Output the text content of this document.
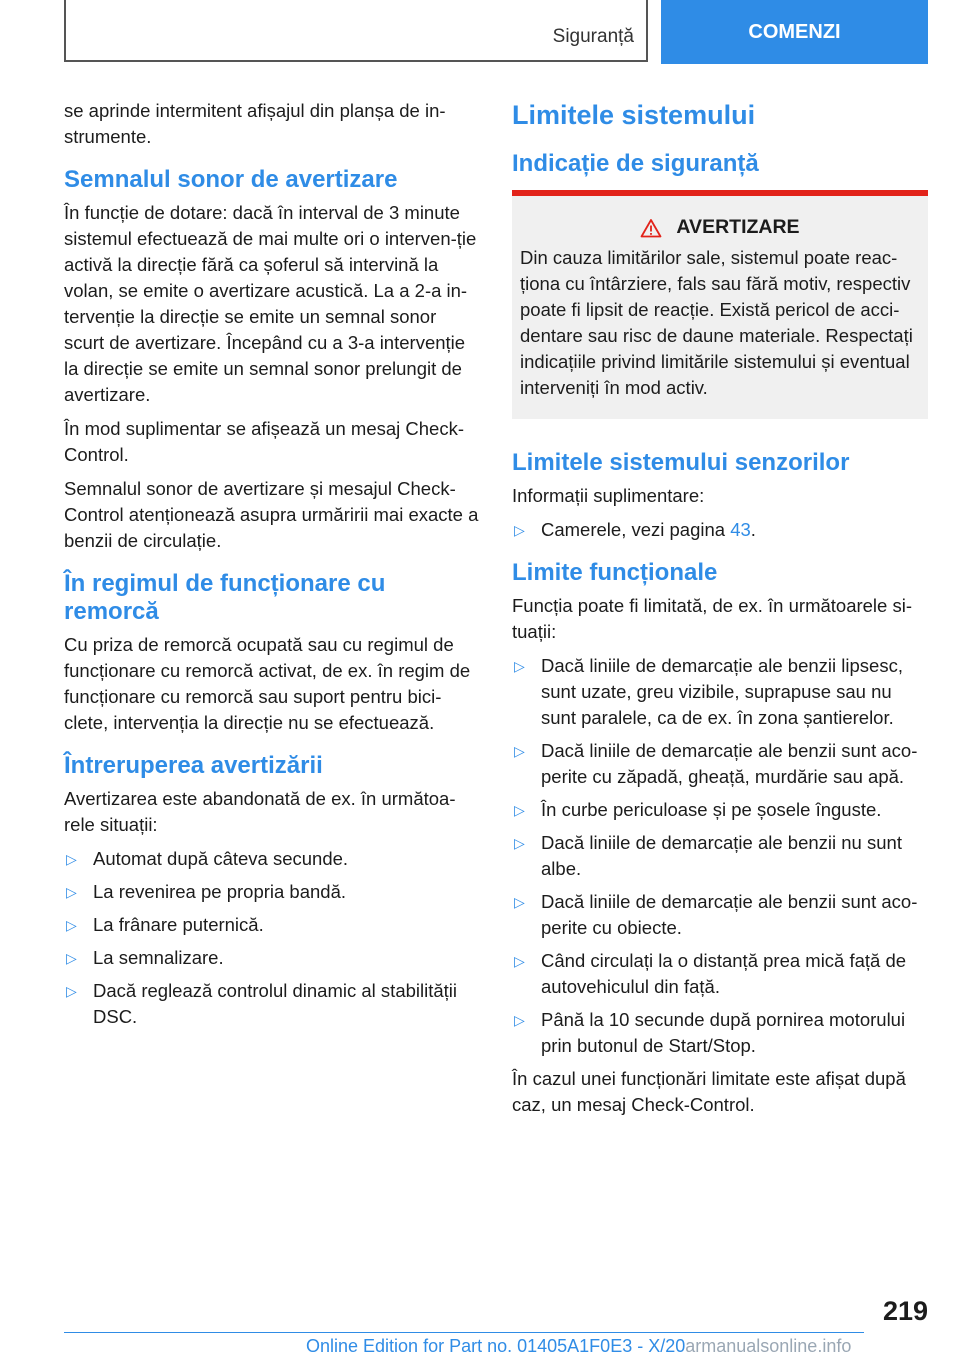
Siguranță	COMENZI

se aprinde intermitent afișajul din planșa de in-strumente.

Semnalul sonor de avertizare

În funcție de dotare: dacă în interval de 3 minute sistemul efectuează de mai multe ori o interven-ție activă la direcție fără ca șoferul să intervină la volan, se emite o avertizare acustică. La a 2-a in-tervenție la direcție se emite un semnal sonor scurt de avertizare. Începând cu a 3-a intervenție la direcție se emite un semnal sonor prelungit de avertizare.

În mod suplimentar se afișează un mesaj Check-Control.

Semnalul sonor de avertizare și mesajul Check-Control atenționează asupra urmăririi mai exacte a benzii de circulație.

În regimul de funcționare cu remorcă

Cu priza de remorcă ocupată sau cu regimul de funcționare cu remorcă activat, de ex. în regim de funcționare cu remorcă sau suport pentru bici-clete, intervenția la direcție nu se efectuează.

Întreruperea avertizării

Avertizarea este abandonată de ex. în următoa-rele situații:

▷ Automat după câteva secunde.
▷ La revenirea pe propria bandă.
▷ La frânare puternică.
▷ La semnalizare.
▷ Dacă reglează controlul dinamic al stabilității DSC.
Limitele sistemului
Indicație de siguranță
AVERTIZARE

Din cauza limitărilor sale, sistemul poate reac-ționa cu întârziere, fals sau fără motiv, respectiv poate fi lipsit de reacție. Există pericol de acci-dentare sau risc de daune materiale. Respectați indicațiile privind limitările sistemului și eventual interveniți în mod activ.

Limitele sistemului senzorilor

Informații suplimentare:

▷ Camerele, vezi pagina 43.
Limite funcționale

Funcția poate fi limitată, de ex. în următoarele si-tuații:

▷ Dacă liniile de demarcație ale benzii lipsesc, sunt uzate, greu vizibile, suprapuse sau nu sunt paralele, ca de ex. în zona șantierelor.
▷ Dacă liniile de demarcație ale benzii sunt aco-perite cu zăpadă, gheață, murdărie sau apă.
▷ În curbe periculoase și pe șosele înguste.
▷ Dacă liniile de demarcație ale benzii nu sunt albe.
▷ Dacă liniile de demarcație ale benzii sunt aco-perite cu obiecte.
▷ Când circulați la o distanță prea mică față de autovehiculul din față.
▷ Până la 10 secunde după pornirea motorului prin butonul de Start/Stop.

În cazul unei funcționări limitate este afișat după caz, un mesaj Check-Control.

219
Online Edition for Part no. 01405A1F0E3 - X/20armanualsonline.info
